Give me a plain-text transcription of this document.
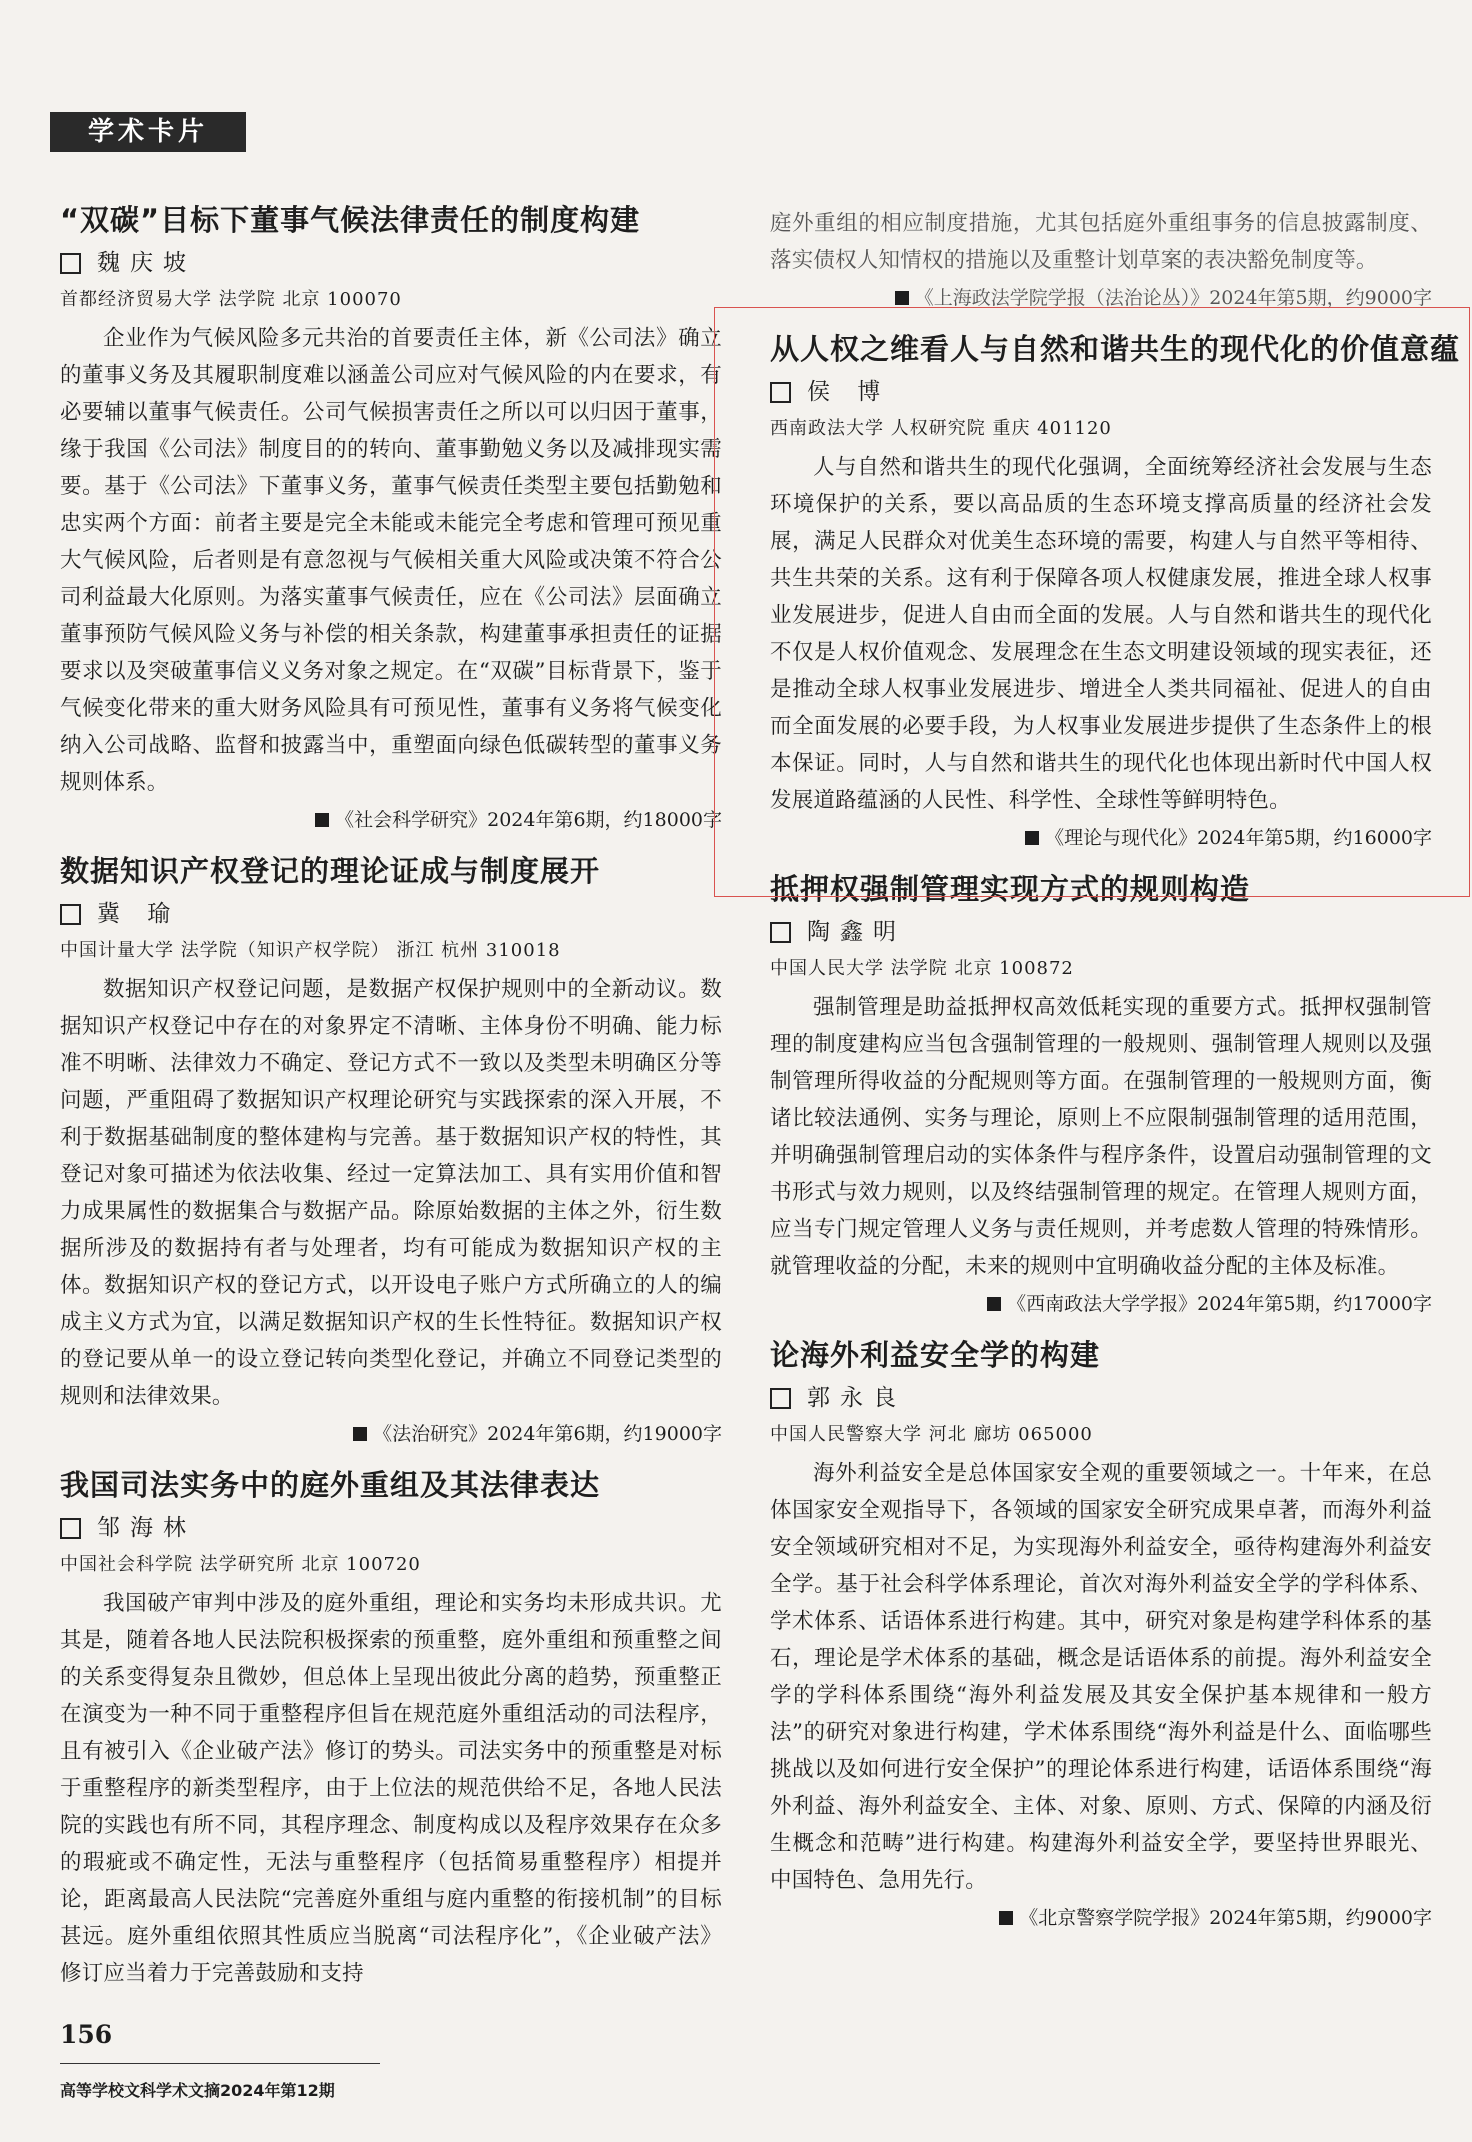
学术卡片
“双碳”目标下董事气候法律责任的制度构建

魏庆坡

首都经济贸易大学 法学院 北京 100070

企业作为气候风险多元共治的首要责任主体，新《公司法》确立的董事义务及其履职制度难以涵盖公司应对气候风险的内在要求，有必要辅以董事气候责任。公司气候损害责任之所以可以归因于董事，缘于我国《公司法》制度目的的转向、董事勤勉义务以及减排现实需要。基于《公司法》下董事义务，董事气候责任类型主要包括勤勉和忠实两个方面：前者主要是完全未能或未能完全考虑和管理可预见重大气候风险，后者则是有意忽视与气候相关重大风险或决策不符合公司利益最大化原则。为落实董事气候责任，应在《公司法》层面确立董事预防气候风险义务与补偿的相关条款，构建董事承担责任的证据要求以及突破董事信义义务对象之规定。在“双碳”目标背景下，鉴于气候变化带来的重大财务风险具有可预见性，董事有义务将气候变化纳入公司战略、监督和披露当中，重塑面向绿色低碳转型的董事义务规则体系。

《社会科学研究》2024年第6期，约18000字

数据知识产权登记的理论证成与制度展开

冀 瑜

中国计量大学 法学院（知识产权学院） 浙江 杭州 310018

数据知识产权登记问题，是数据产权保护规则中的全新动议。数据知识产权登记中存在的对象界定不清晰、主体身份不明确、能力标准不明晰、法律效力不确定、登记方式不一致以及类型未明确区分等问题，严重阻碍了数据知识产权理论研究与实践探索的深入开展，不利于数据基础制度的整体建构与完善。基于数据知识产权的特性，其登记对象可描述为依法收集、经过一定算法加工、具有实用价值和智力成果属性的数据集合与数据产品。除原始数据的主体之外，衍生数据所涉及的数据持有者与处理者，均有可能成为数据知识产权的主体。数据知识产权的登记方式，以开设电子账户方式所确立的人的编成主义方式为宜，以满足数据知识产权的生长性特征。数据知识产权的登记要从单一的设立登记转向类型化登记，并确立不同登记类型的规则和法律效果。

《法治研究》2024年第6期，约19000字

我国司法实务中的庭外重组及其法律表达

邹海林

中国社会科学院 法学研究所 北京 100720

我国破产审判中涉及的庭外重组，理论和实务均未形成共识。尤其是，随着各地人民法院积极探索的预重整，庭外重组和预重整之间的关系变得复杂且微妙，但总体上呈现出彼此分离的趋势，预重整正在演变为一种不同于重整程序但旨在规范庭外重组活动的司法程序，且有被引入《企业破产法》修订的势头。司法实务中的预重整是对标于重整程序的新类型程序，由于上位法的规范供给不足，各地人民法院的实践也有所不同，其程序理念、制度构成以及程序效果存在众多的瑕疵或不确定性，无法与重整程序（包括简易重整程序）相提并论，距离最高人民法院“完善庭外重组与庭内重整的衔接机制”的目标甚远。庭外重组依照其性质应当脱离“司法程序化”，《企业破产法》修订应当着力于完善鼓励和支持

庭外重组的相应制度措施，尤其包括庭外重组事务的信息披露制度、落实债权人知情权的措施以及重整计划草案的表决豁免制度等。

《上海政法学院学报（法治论丛）》2024年第5期，约9000字

从人权之维看人与自然和谐共生的现代化的价值意蕴

侯 博

西南政法大学 人权研究院 重庆 401120

人与自然和谐共生的现代化强调，全面统筹经济社会发展与生态环境保护的关系，要以高品质的生态环境支撑高质量的经济社会发展，满足人民群众对优美生态环境的需要，构建人与自然平等相待、共生共荣的关系。这有利于保障各项人权健康发展，推进全球人权事业发展进步，促进人自由而全面的发展。人与自然和谐共生的现代化不仅是人权价值观念、发展理念在生态文明建设领域的现实表征，还是推动全球人权事业发展进步、增进全人类共同福祉、促进人的自由而全面发展的必要手段，为人权事业发展进步提供了生态条件上的根本保证。同时，人与自然和谐共生的现代化也体现出新时代中国人权发展道路蕴涵的人民性、科学性、全球性等鲜明特色。

《理论与现代化》2024年第5期，约16000字

抵押权强制管理实现方式的规则构造

陶鑫明

中国人民大学 法学院 北京 100872

强制管理是助益抵押权高效低耗实现的重要方式。抵押权强制管理的制度建构应当包含强制管理的一般规则、强制管理人规则以及强制管理所得收益的分配规则等方面。在强制管理的一般规则方面，衡诸比较法通例、实务与理论，原则上不应限制强制管理的适用范围，并明确强制管理启动的实体条件与程序条件，设置启动强制管理的文书形式与效力规则，以及终结强制管理的规定。在管理人规则方面，应当专门规定管理人义务与责任规则，并考虑数人管理的特殊情形。就管理收益的分配，未来的规则中宜明确收益分配的主体及标准。

《西南政法大学学报》2024年第5期，约17000字

论海外利益安全学的构建

郭永良

中国人民警察大学 河北 廊坊 065000

海外利益安全是总体国家安全观的重要领域之一。十年来，在总体国家安全观指导下，各领域的国家安全研究成果卓著，而海外利益安全领域研究相对不足，为实现海外利益安全，亟待构建海外利益安全学。基于社会科学体系理论，首次对海外利益安全学的学科体系、学术体系、话语体系进行构建。其中，研究对象是构建学科体系的基石，理论是学术体系的基础，概念是话语体系的前提。海外利益安全学的学科体系围绕“海外利益发展及其安全保护基本规律和一般方法”的研究对象进行构建，学术体系围绕“海外利益是什么、面临哪些挑战以及如何进行安全保护”的理论体系进行构建，话语体系围绕“海外利益、海外利益安全、主体、对象、原则、方式、保障的内涵及衍生概念和范畴”进行构建。构建海外利益安全学，要坚持世界眼光、中国特色、急用先行。

《北京警察学院学报》2024年第5期，约9000字

156
高等学校文科学术文摘2024年第12期
